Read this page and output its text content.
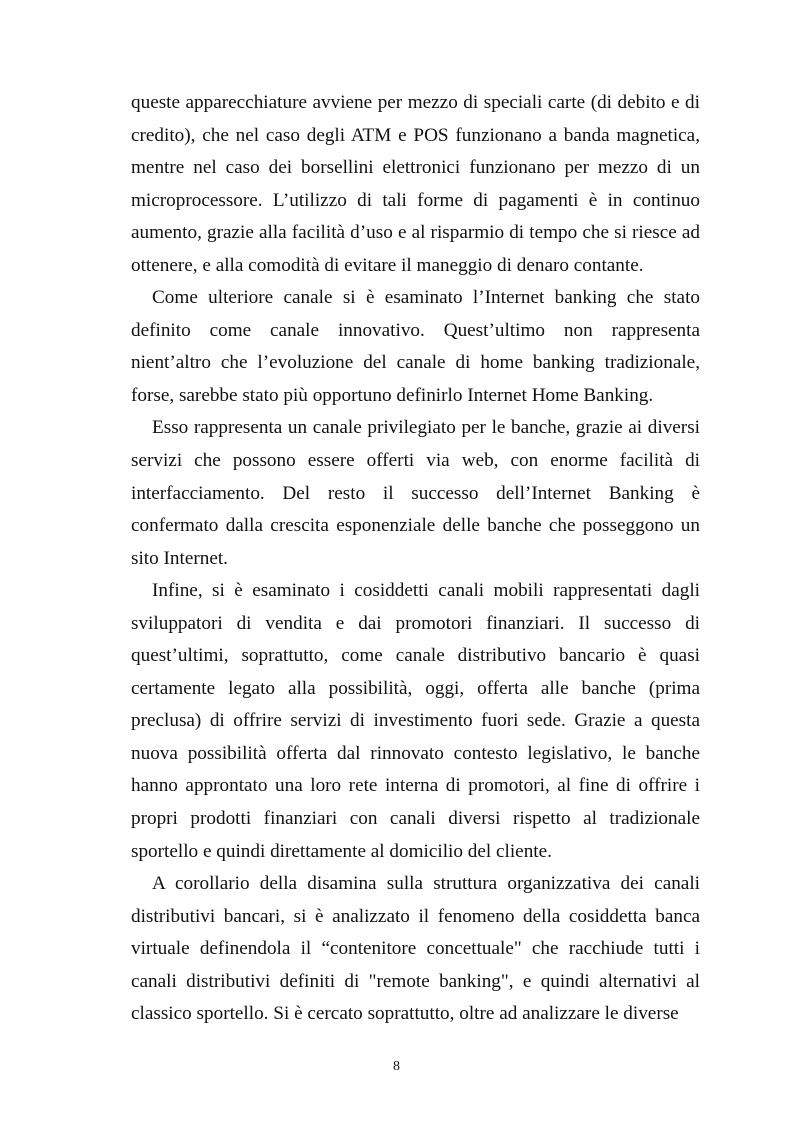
queste apparecchiature avviene per mezzo di speciali carte (di debito e di credito), che nel caso degli ATM e POS funzionano a banda magnetica, mentre nel caso dei borsellini elettronici funzionano per mezzo di un microprocessore. L’utilizzo di tali forme di pagamenti è in continuo aumento, grazie alla facilità d’uso e al risparmio di tempo che si riesce ad ottenere, e alla comodità di evitare il maneggio di denaro contante.

Come ulteriore canale si è esaminato l’Internet banking che stato definito come canale innovativo. Quest’ultimo non rappresenta nient’altro che l’evoluzione del canale di home banking tradizionale, forse, sarebbe stato più opportuno definirlo Internet Home Banking.

Esso rappresenta un canale privilegiato per le banche, grazie ai diversi servizi che possono essere offerti via web, con enorme facilità di interfacciamento. Del resto il successo dell’Internet Banking è confermato dalla crescita esponenziale delle banche che posseggono un sito Internet.

Infine, si è esaminato i cosiddetti canali mobili rappresentati dagli sviluppatori di vendita e dai promotori finanziari. Il successo di quest’ultimi, soprattutto, come canale distributivo bancario è quasi certamente legato alla possibilità, oggi, offerta alle banche (prima preclusa) di offrire servizi di investimento fuori sede. Grazie a questa nuova possibilità offerta dal rinnovato contesto legislativo, le banche hanno approntato una loro rete interna di promotori, al fine di offrire i propri prodotti finanziari con canali diversi rispetto al tradizionale sportello e quindi direttamente al domicilio del cliente.

A corollario della disamina sulla struttura organizzativa dei canali distributivi bancari, si è analizzato il fenomeno della cosiddetta banca virtuale definendola il “contenitore concettuale" che racchiude tutti i canali distributivi definiti di "remote banking", e quindi alternativi al classico sportello. Si è cercato soprattutto, oltre ad analizzare le diverse

8
